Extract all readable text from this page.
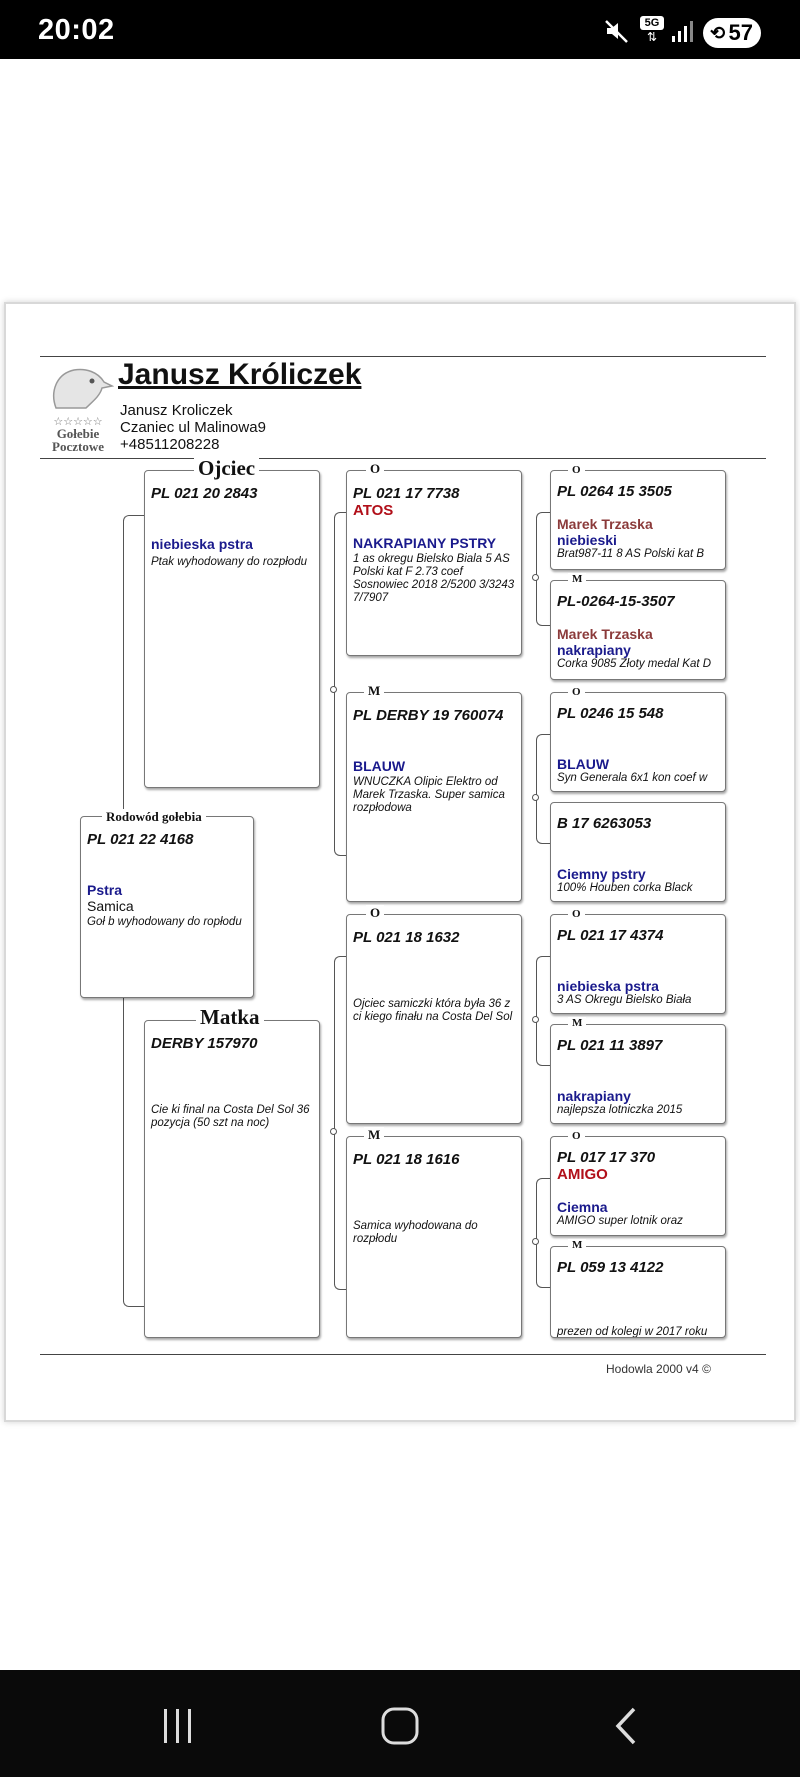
20:02	5G
⇅	⟲ 57
☆☆☆☆☆
Gołebie
Pocztowe
Janusz Króliczek
Janusz Kroliczek
Czaniec ul Malinowa9
+48511208228
PL 021 20 2843
niebieska pstra
Ptak wyhodowany do rozpłodu
Ojciec
PL 021 22 4168
Pstra
Samica
Goł b wyhodowany do ropłodu
Rodowód gołebia
DERBY 157970
Cie ki final na Costa Del Sol 36 pozycja (50 szt na noc)
Matka
PL 021 17 7738
ATOS
NAKRAPIANY PSTRY
1 as okregu Bielsko Biala 5 AS Polski kat F 2.73 coef Sosnowiec 2018 2/5200 3/3243 7/7907
O
PL DERBY 19 760074
BLAUW
WNUCZKA Olipic Elektro od Marek Trzaska. Super samica rozpłodowa
M
PL 021 18 1632
Ojciec samiczki która była 36 z ci kiego finału na Costa Del Sol
O
PL 021 18 1616
Samica wyhodowana do rozpłodu
M
PL 0264 15 3505
Marek Trzaska
niebieski
Brat987-11 8 AS Polski kat B
O
PL-0264-15-3507
Marek Trzaska
nakrapiany
Corka 9085 Złoty medal Kat D
M
PL 0246 15 548
BLAUW
Syn Generala 6x1 kon coef w
O
B 17 6263053
Ciemny pstry
100% Houben corka Black
PL 021 17 4374
niebieska pstra
3 AS Okregu Bielsko Biała
O
PL 021 11 3897
nakrapiany
najlepsza lotniczka 2015
M
PL 017 17 370
AMIGO
Ciemna
AMIGO super lotnik oraz
O
PL 059 13 4122
prezen od kolegi w 2017 roku
M
Hodowla 2000 v4 ©
